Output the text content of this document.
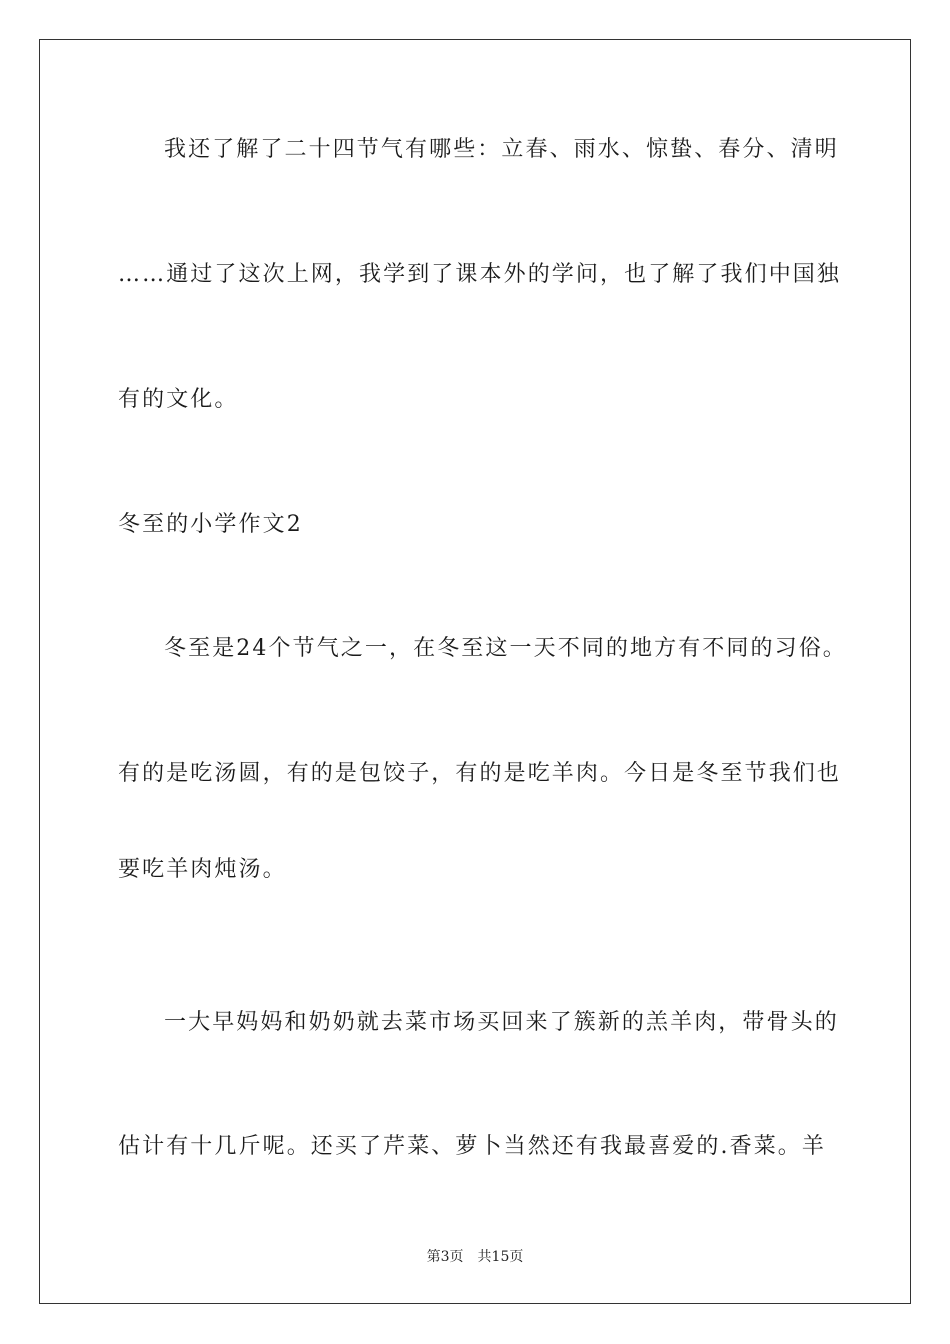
我还了解了二十四节气有哪些：立春、雨水、惊蛰、春分、清明
……通过了这次上网，我学到了课本外的学问，也了解了我们中国独
有的文化。
冬至的小学作文2
冬至是24个节气之一，在冬至这一天不同的地方有不同的习俗。
有的是吃汤圆，有的是包饺子，有的是吃羊肉。今日是冬至节我们也
要吃羊肉炖汤。
一大早妈妈和奶奶就去菜市场买回来了簇新的羔羊肉，带骨头的
估计有十几斤呢。还买了芹菜、萝卜当然还有我最喜爱的.香菜。羊
第3页 共15页
